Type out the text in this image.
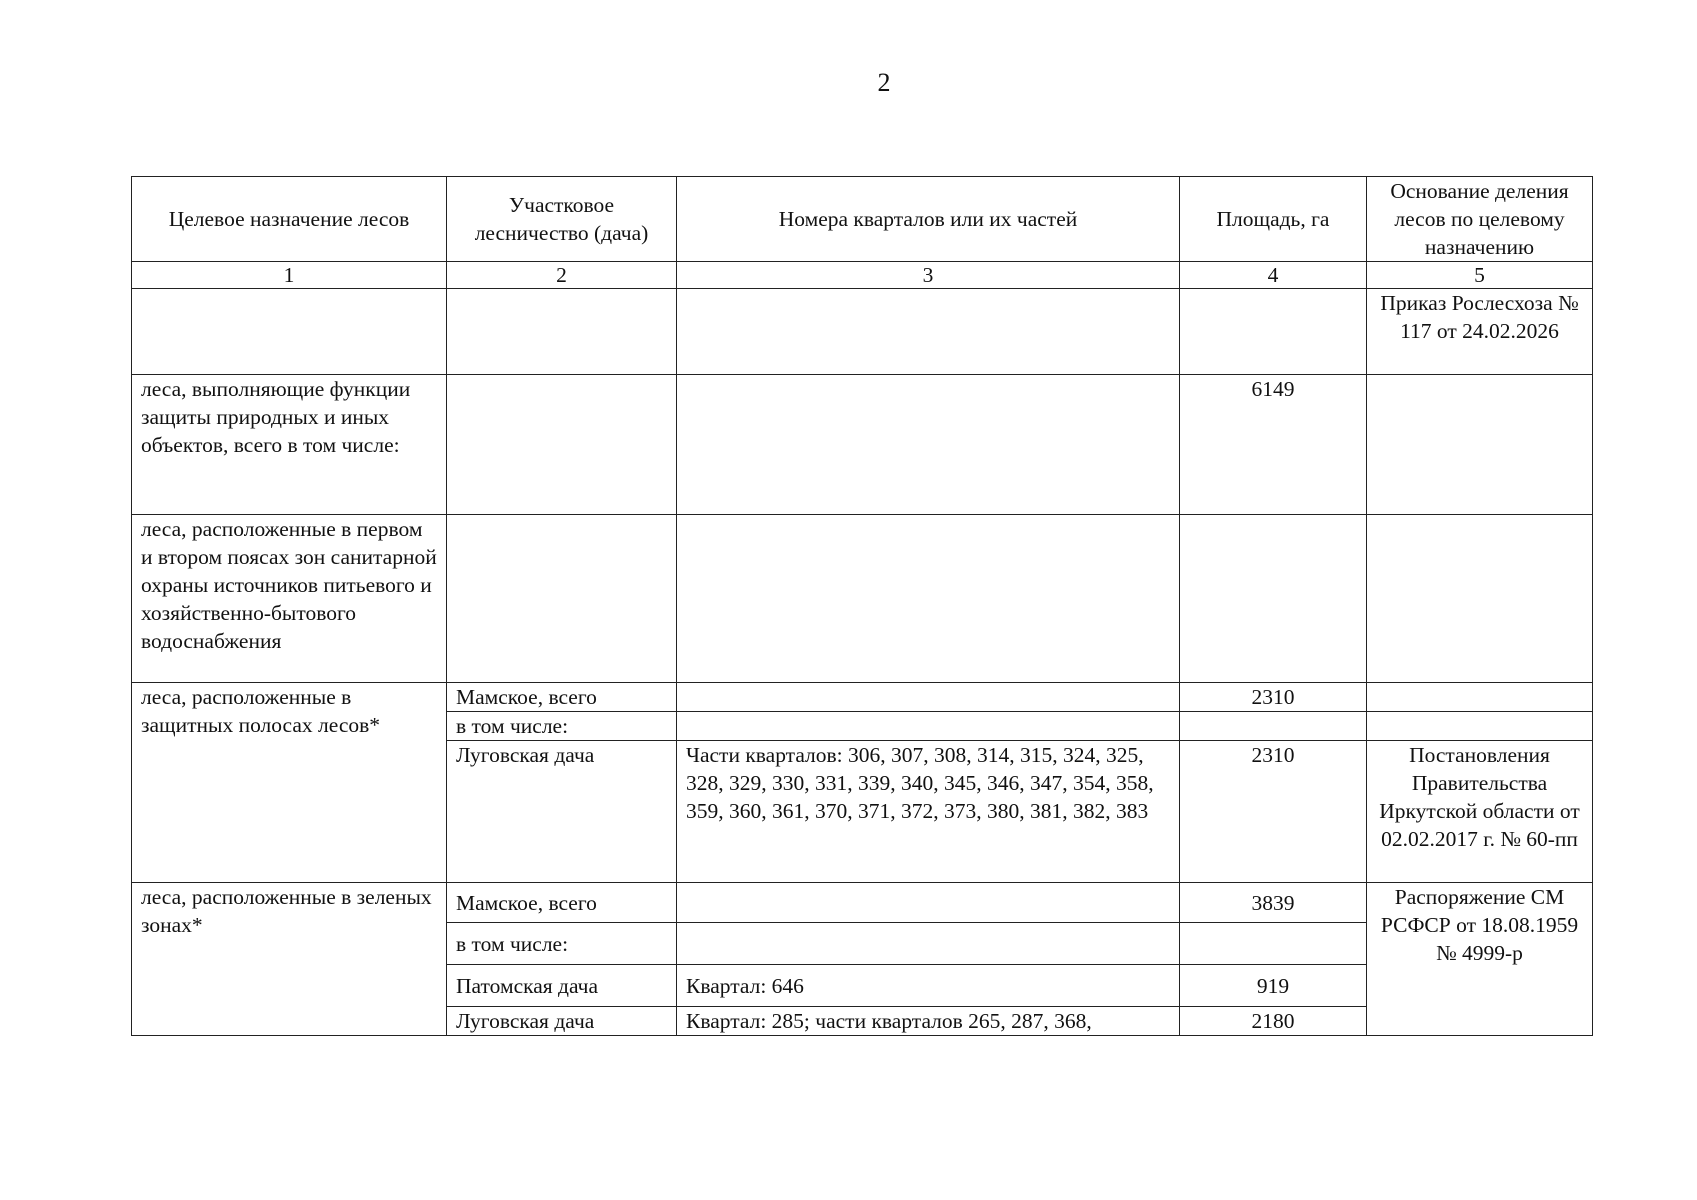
2
Целевое назначение лесов	Участковое лесничество (дача)	Номера кварталов или их частей	Площадь, га	Основание деления лесов по целевому назначению
1	2	3	4	5
				Приказ Рослесхоза № 117 от 24.02.2026
леса, выполняющие функции защиты природных и иных объектов, всего в том числе:			6149	
леса, расположенные в первом и втором поясах зон санитарной охраны источников питьевого и хозяйственно-бытового водоснабжения				
леса, расположенные в защитных полосах лесов*	Мамское, всего		2310	
	в том числе:			
	Луговская дача	Части кварталов: 306, 307, 308, 314, 315, 324, 325, 328, 329, 330, 331, 339, 340, 345, 346, 347, 354, 358, 359, 360, 361, 370, 371, 372, 373, 380, 381, 382, 383	2310	Постановления Правительства Иркутской области от 02.02.2017 г. № 60-пп
леса, расположенные в зеленых зонах*	Мамское, всего		3839	Распоряжение СМ РСФСР от 18.08.1959 № 4999-р
	в том числе:			
	Патомская дача	Квартал: 646	919	
	Луговская дача	Квартал: 285; части кварталов 265, 287, 368,	2180	
